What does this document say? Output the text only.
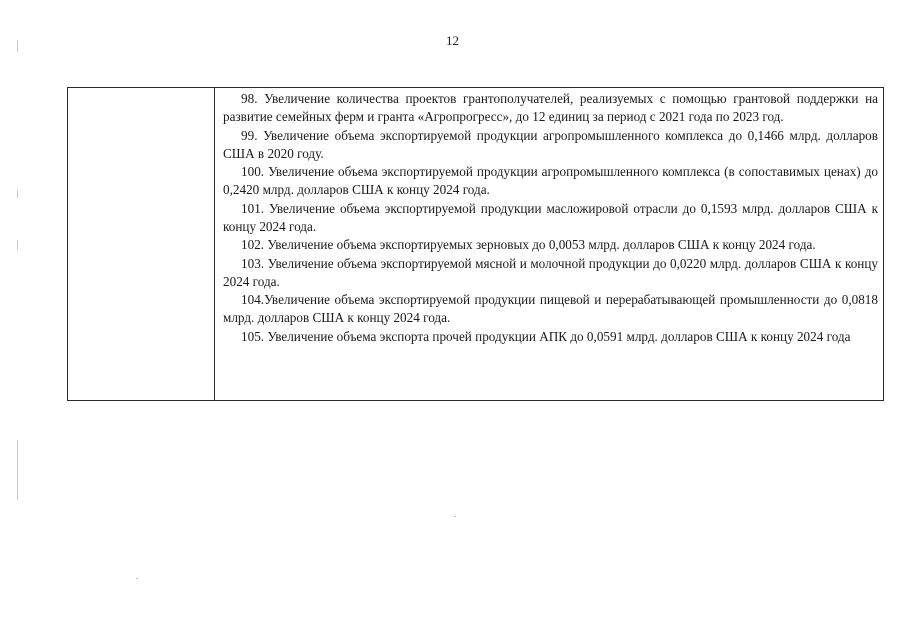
12

98. Увеличение количества проектов грантополучателей, реализуемых с помощью грантовой поддержки на развитие семейных ферм и гранта «Агропрогресс», до 12 единиц за период с 2021 года по 2023 год.

99. Увеличение объема экспортируемой продукции агропромышленного комплекса до 0,1466 млрд. долларов США в 2020 году.

100. Увеличение объема экспортируемой продукции агропромышленного комплекса (в сопоставимых ценах) до 0,2420 млрд. долларов США к концу 2024 года.

101. Увеличение объема экспортируемой продукции масложировой отрасли до 0,1593 млрд. долларов США к концу 2024 года.

102. Увеличение объема экспортируемых зерновых до 0,0053 млрд. долларов США к концу 2024 года.

103. Увеличение объема экспортируемой мясной и молочной продукции до 0,0220 млрд. долларов США к концу 2024 года.

104.Увеличение объема экспортируемой продукции пищевой и перерабатывающей промышленности до 0,0818 млрд. долларов США к концу 2024 года.

105. Увеличение объема экспорта прочей продукции АПК до 0,0591 млрд. долларов США к концу 2024 года
